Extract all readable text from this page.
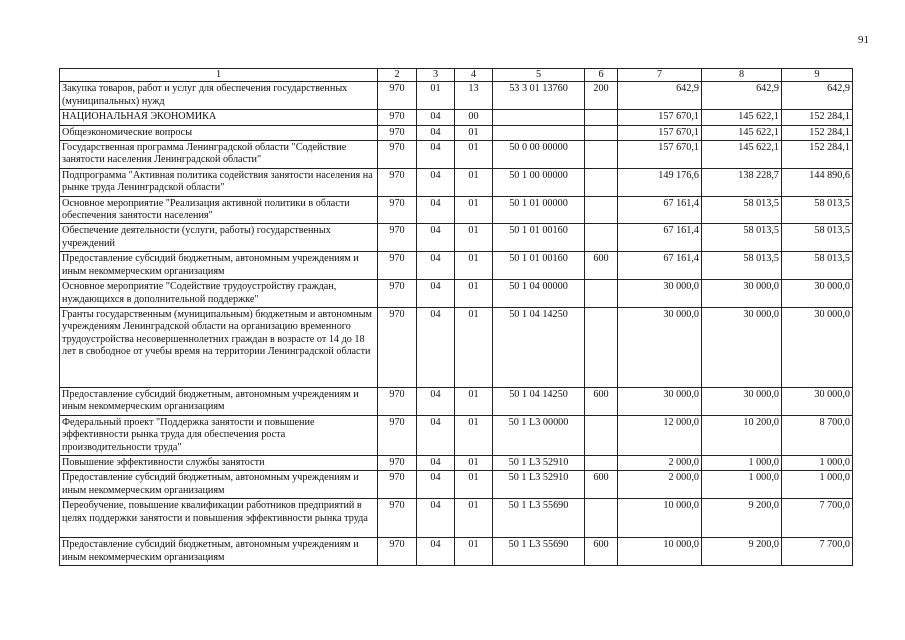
91
1	2	3	4	5	6	7	8	9
Закупка товаров, работ и услуг для обеспечения государственных (муниципальных) нужд	970	01	13	53 3 01 13760	200	642,9	642,9	642,9
НАЦИОНАЛЬНАЯ ЭКОНОМИКА	970	04	00			157 670,1	145 622,1	152 284,1
Общеэкономические вопросы	970	04	01			157 670,1	145 622,1	152 284,1
Государственная программа Ленинградской области "Содействие занятости населения Ленинградской области"	970	04	01	50 0 00 00000		157 670,1	145 622,1	152 284,1
Подпрограмма "Активная политика содействия занятости населения на рынке труда Ленинградской области"	970	04	01	50 1 00 00000		149 176,6	138 228,7	144 890,6
Основное мероприятие "Реализация активной политики в области обеспечения занятости населения"	970	04	01	50 1 01 00000		67 161,4	58 013,5	58 013,5
Обеспечение деятельности (услуги, работы) государственных учреждений	970	04	01	50 1 01 00160		67 161,4	58 013,5	58 013,5
Предоставление субсидий бюджетным, автономным учреждениям и иным некоммерческим организациям	970	04	01	50 1 01 00160	600	67 161,4	58 013,5	58 013,5
Основное мероприятие "Содействие трудоустройству граждан, нуждающихся в дополнительной поддержке"	970	04	01	50 1 04 00000		30 000,0	30 000,0	30 000,0
Гранты государственным (муниципальным) бюджетным и автономным учреждениям Ленинградской области на организацию временного трудоустройства несовершеннолетних граждан в возрасте от 14 до 18 лет в свободное от учебы время на территории Ленинградской области	970	04	01	50 1 04 14250		30 000,0	30 000,0	30 000,0
Предоставление субсидий бюджетным, автономным учреждениям и иным некоммерческим организациям	970	04	01	50 1 04 14250	600	30 000,0	30 000,0	30 000,0
Федеральный проект "Поддержка занятости и повышение эффективности рынка труда для обеспечения роста производительности труда"	970	04	01	50 1 L3 00000		12 000,0	10 200,0	8 700,0
Повышение эффективности службы занятости	970	04	01	50 1 L3 52910		2 000,0	1 000,0	1 000,0
Предоставление субсидий бюджетным, автономным учреждениям и иным некоммерческим организациям	970	04	01	50 1 L3 52910	600	2 000,0	1 000,0	1 000,0
Переобучение, повышение квалификации работников предприятий в целях поддержки занятости и повышения эффективности рынка труда	970	04	01	50 1 L3 55690		10 000,0	9 200,0	7 700,0
Предоставление субсидий бюджетным, автономным учреждениям и иным некоммерческим организациям	970	04	01	50 1 L3 55690	600	10 000,0	9 200,0	7 700,0
